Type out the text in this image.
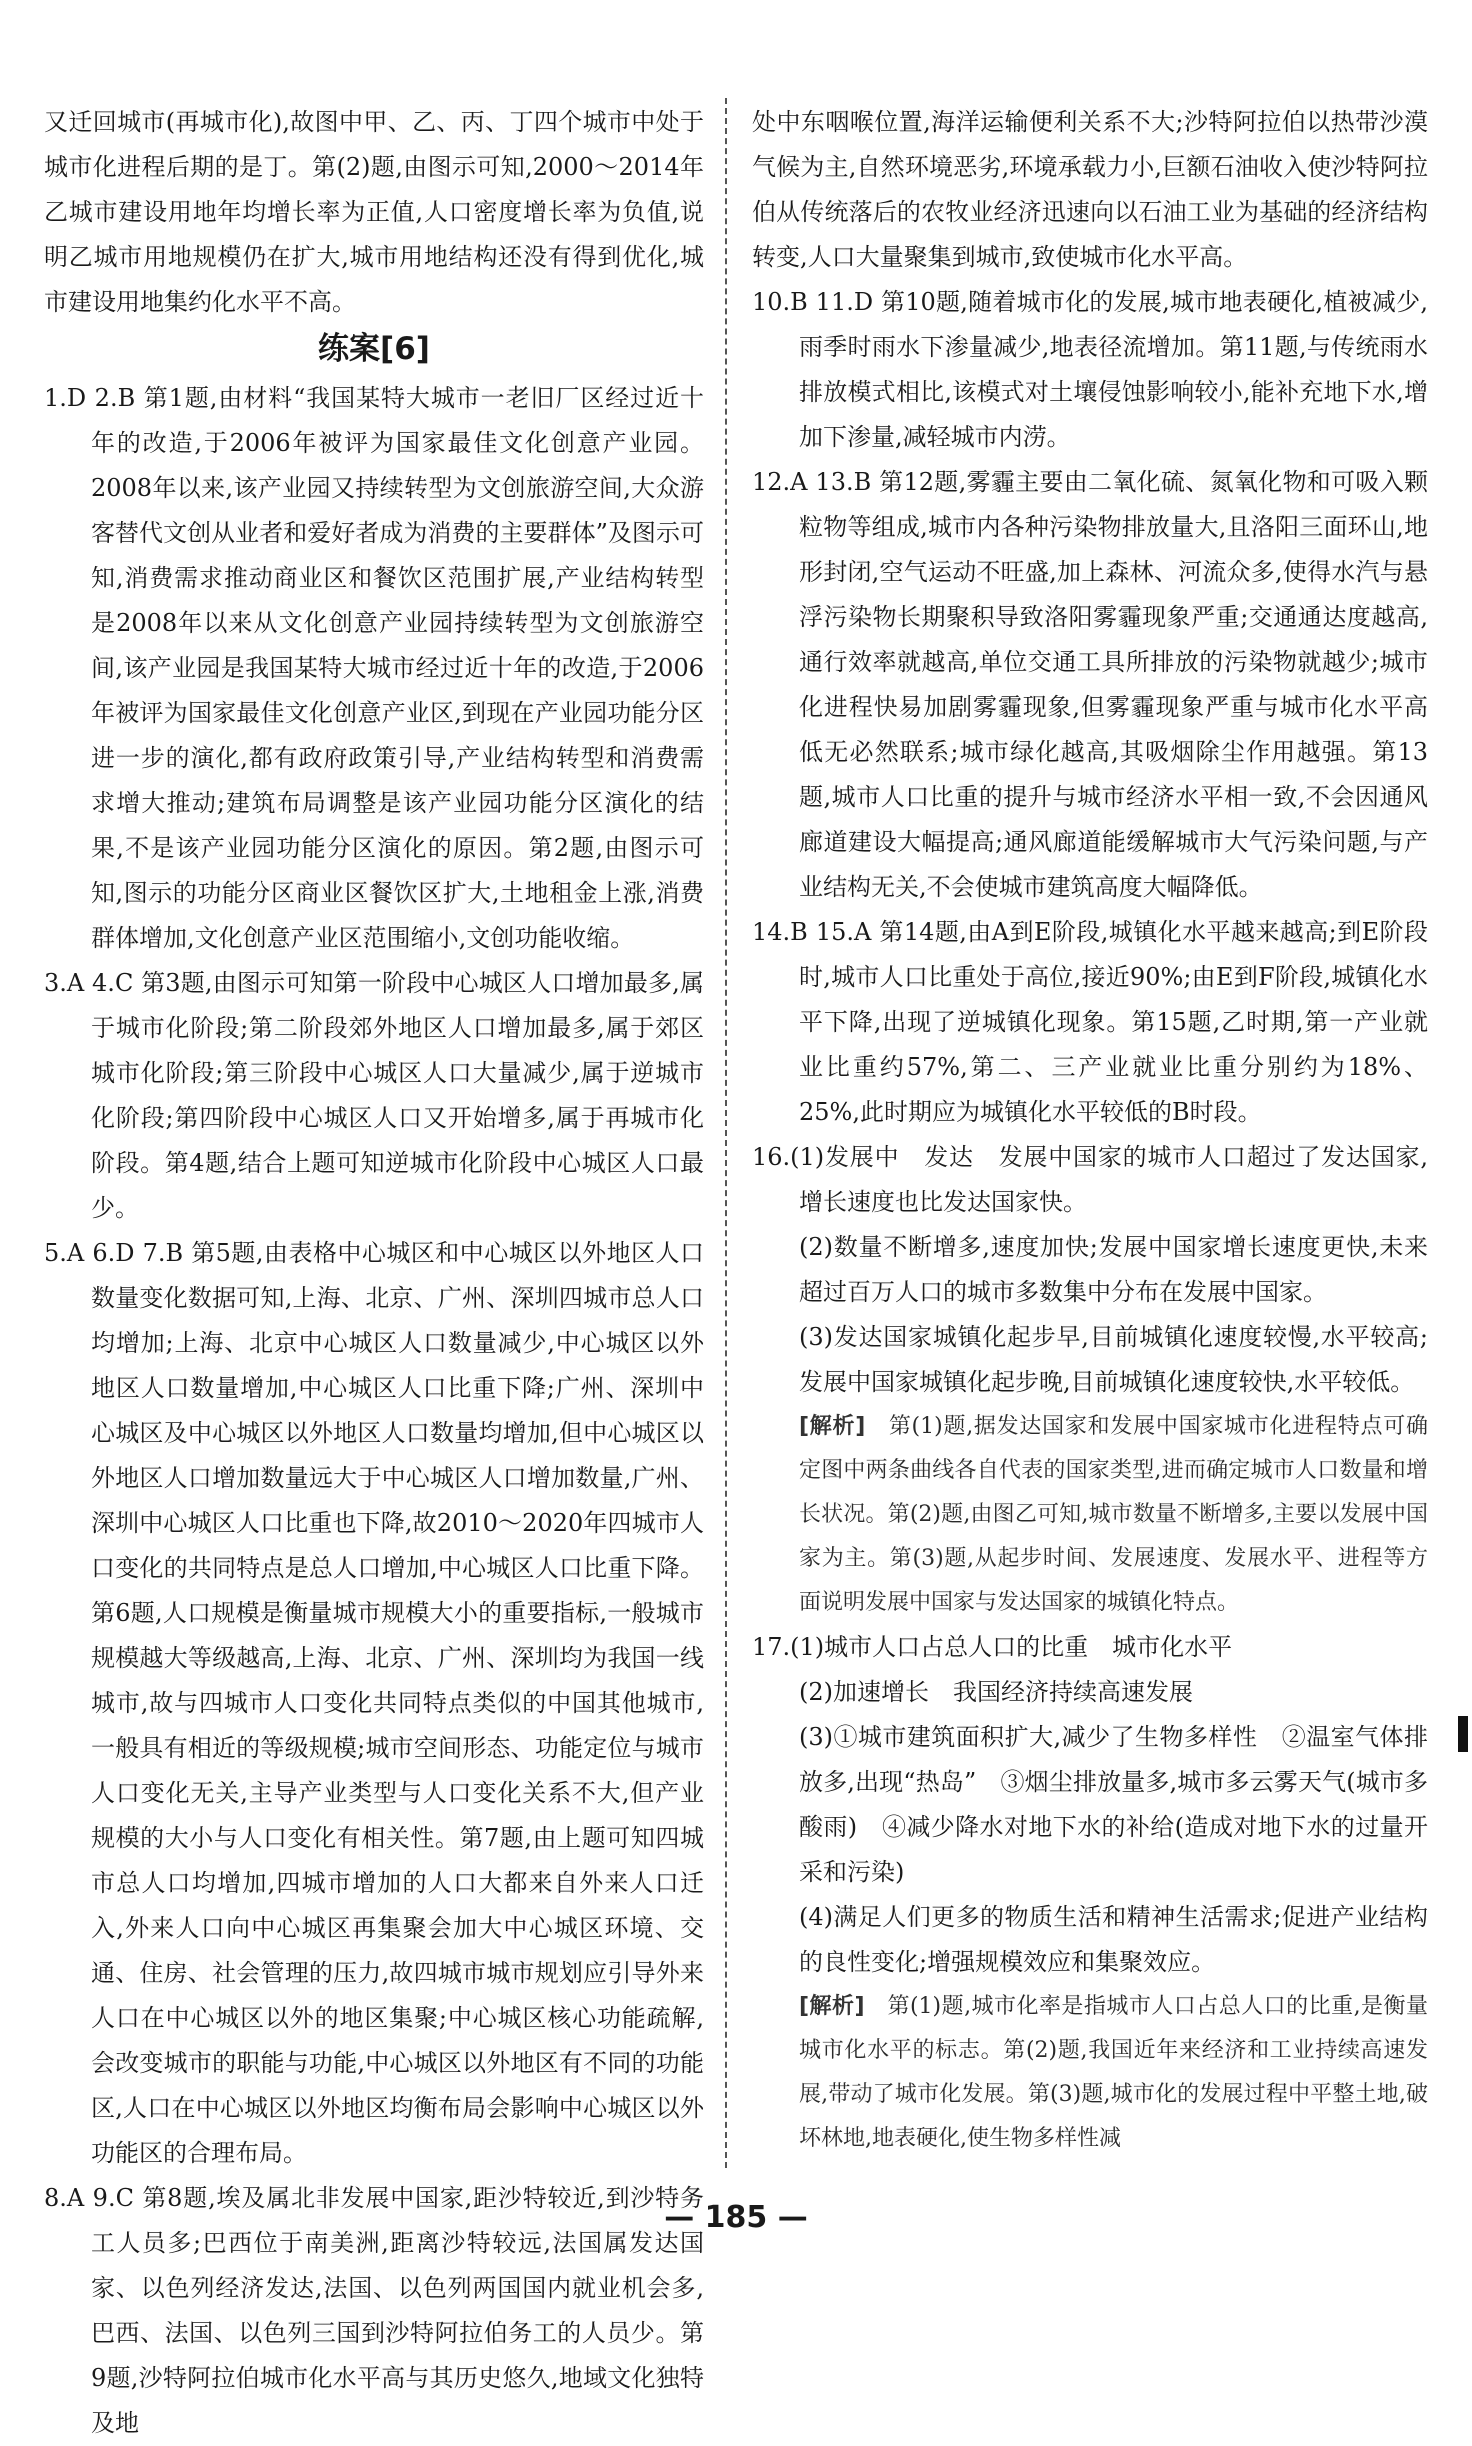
又迁回城市(再城市化),故图中甲、乙、丙、丁四个城市中处于城市化进程后期的是丁。第(2)题,由图示可知,2000～2014年乙城市建设用地年均增长率为正值,人口密度增长率为负值,说明乙城市用地规模仍在扩大,城市用地结构还没有得到优化,城市建设用地集约化水平不高。

练案[6]

1.D 2.B 第1题,由材料“我国某特大城市一老旧厂区经过近十年的改造,于2006年被评为国家最佳文化创意产业园。2008年以来,该产业园又持续转型为文创旅游空间,大众游客替代文创从业者和爱好者成为消费的主要群体”及图示可知,消费需求推动商业区和餐饮区范围扩展,产业结构转型是2008年以来从文化创意产业园持续转型为文创旅游空间,该产业园是我国某特大城市经过近十年的改造,于2006年被评为国家最佳文化创意产业区,到现在产业园功能分区进一步的演化,都有政府政策引导,产业结构转型和消费需求增大推动;建筑布局调整是该产业园功能分区演化的结果,不是该产业园功能分区演化的原因。第2题,由图示可知,图示的功能分区商业区餐饮区扩大,土地租金上涨,消费群体增加,文化创意产业区范围缩小,文创功能收缩。

3.A 4.C 第3题,由图示可知第一阶段中心城区人口增加最多,属于城市化阶段;第二阶段郊外地区人口增加最多,属于郊区城市化阶段;第三阶段中心城区人口大量减少,属于逆城市化阶段;第四阶段中心城区人口又开始增多,属于再城市化阶段。第4题,结合上题可知逆城市化阶段中心城区人口最少。

5.A 6.D 7.B 第5题,由表格中心城区和中心城区以外地区人口数量变化数据可知,上海、北京、广州、深圳四城市总人口均增加;上海、北京中心城区人口数量减少,中心城区以外地区人口数量增加,中心城区人口比重下降;广州、深圳中心城区及中心城区以外地区人口数量均增加,但中心城区以外地区人口增加数量远大于中心城区人口增加数量,广州、深圳中心城区人口比重也下降,故2010～2020年四城市人口变化的共同特点是总人口增加,中心城区人口比重下降。第6题,人口规模是衡量城市规模大小的重要指标,一般城市规模越大等级越高,上海、北京、广州、深圳均为我国一线城市,故与四城市人口变化共同特点类似的中国其他城市,一般具有相近的等级规模;城市空间形态、功能定位与城市人口变化无关,主导产业类型与人口变化关系不大,但产业规模的大小与人口变化有相关性。第7题,由上题可知四城市总人口均增加,四城市增加的人口大都来自外来人口迁入,外来人口向中心城区再集聚会加大中心城区环境、交通、住房、社会管理的压力,故四城市城市规划应引导外来人口在中心城区以外的地区集聚;中心城区核心功能疏解,会改变城市的职能与功能,中心城区以外地区有不同的功能区,人口在中心城区以外地区均衡布局会影响中心城区以外功能区的合理布局。

8.A 9.C 第8题,埃及属北非发展中国家,距沙特较近,到沙特务工人员多;巴西位于南美洲,距离沙特较远,法国属发达国家、以色列经济发达,法国、以色列两国国内就业机会多,巴西、法国、以色列三国到沙特阿拉伯务工的人员少。第9题,沙特阿拉伯城市化水平高与其历史悠久,地域文化独特及地

处中东咽喉位置,海洋运输便利关系不大;沙特阿拉伯以热带沙漠气候为主,自然环境恶劣,环境承载力小,巨额石油收入使沙特阿拉伯从传统落后的农牧业经济迅速向以石油工业为基础的经济结构转变,人口大量聚集到城市,致使城市化水平高。

10.B 11.D 第10题,随着城市化的发展,城市地表硬化,植被减少,雨季时雨水下渗量减少,地表径流增加。第11题,与传统雨水排放模式相比,该模式对土壤侵蚀影响较小,能补充地下水,增加下渗量,减轻城市内涝。

12.A 13.B 第12题,雾霾主要由二氧化硫、氮氧化物和可吸入颗粒物等组成,城市内各种污染物排放量大,且洛阳三面环山,地形封闭,空气运动不旺盛,加上森林、河流众多,使得水汽与悬浮污染物长期聚积导致洛阳雾霾现象严重;交通通达度越高,通行效率就越高,单位交通工具所排放的污染物就越少;城市化进程快易加剧雾霾现象,但雾霾现象严重与城市化水平高低无必然联系;城市绿化越高,其吸烟除尘作用越强。第13题,城市人口比重的提升与城市经济水平相一致,不会因通风廊道建设大幅提高;通风廊道能缓解城市大气污染问题,与产业结构无关,不会使城市建筑高度大幅降低。

14.B 15.A 第14题,由A到E阶段,城镇化水平越来越高;到E阶段时,城市人口比重处于高位,接近90%;由E到F阶段,城镇化水平下降,出现了逆城镇化现象。第15题,乙时期,第一产业就业比重约57%,第二、三产业就业比重分别约为18%、25%,此时期应为城镇化水平较低的B时段。

16.(1)发展中　发达　发展中国家的城市人口超过了发达国家,增长速度也比发达国家快。

(2)数量不断增多,速度加快;发展中国家增长速度更快,未来超过百万人口的城市多数集中分布在发展中国家。

(3)发达国家城镇化起步早,目前城镇化速度较慢,水平较高;发展中国家城镇化起步晚,目前城镇化速度较快,水平较低。

[解析]　 第(1)题,据发达国家和发展中国家城市化进程特点可确定图中两条曲线各自代表的国家类型,进而确定城市人口数量和增长状况。第(2)题,由图乙可知,城市数量不断增多,主要以发展中国家为主。第(3)题,从起步时间、发展速度、发展水平、进程等方面说明发展中国家与发达国家的城镇化特点。

17.(1)城市人口占总人口的比重　城市化水平

(2)加速增长　我国经济持续高速发展

(3)①城市建筑面积扩大,减少了生物多样性　②温室气体排放多,出现“热岛”　③烟尘排放量多,城市多云雾天气(城市多酸雨)　④减少降水对地下水的补给(造成对地下水的过量开采和污染)

(4)满足人们更多的物质生活和精神生活需求;促进产业结构的良性变化;增强规模效应和集聚效应。

[解析]　 第(1)题,城市化率是指城市人口占总人口的比重,是衡量城市化水平的标志。第(2)题,我国近年来经济和工业持续高速发展,带动了城市化发展。第(3)题,城市化的发展过程中平整土地,破坏林地,地表硬化,使生物多样性减

— 185 —
